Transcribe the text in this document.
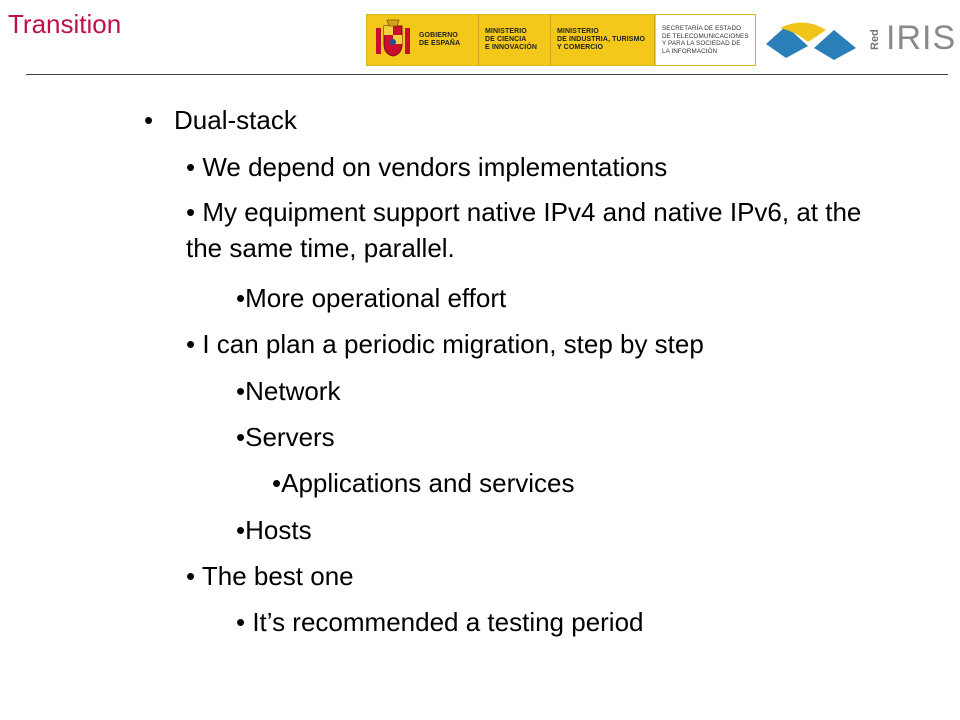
Transition	GOBIERNO
DE ESPAÑA
MINISTERIO
DE CIENCIA
E INNOVACIÓN
MINISTERIO
DE INDUSTRIA, TURISMO
Y COMERCIO
SECRETARÍA DE ESTADO
DE TELECOMUNICACIONES
Y PARA LA SOCIEDAD DE
LA INFORMACIÓN
Red IRIS
• Dual-stack
• We depend on vendors implementations
• My equipment support native IPv4 and native IPv6, at the the same time, parallel.
•More operational effort
• I can plan a periodic migration, step by step
•Network
•Servers
•Applications and services
•Hosts
• The best one
• It’s recommended a testing period
